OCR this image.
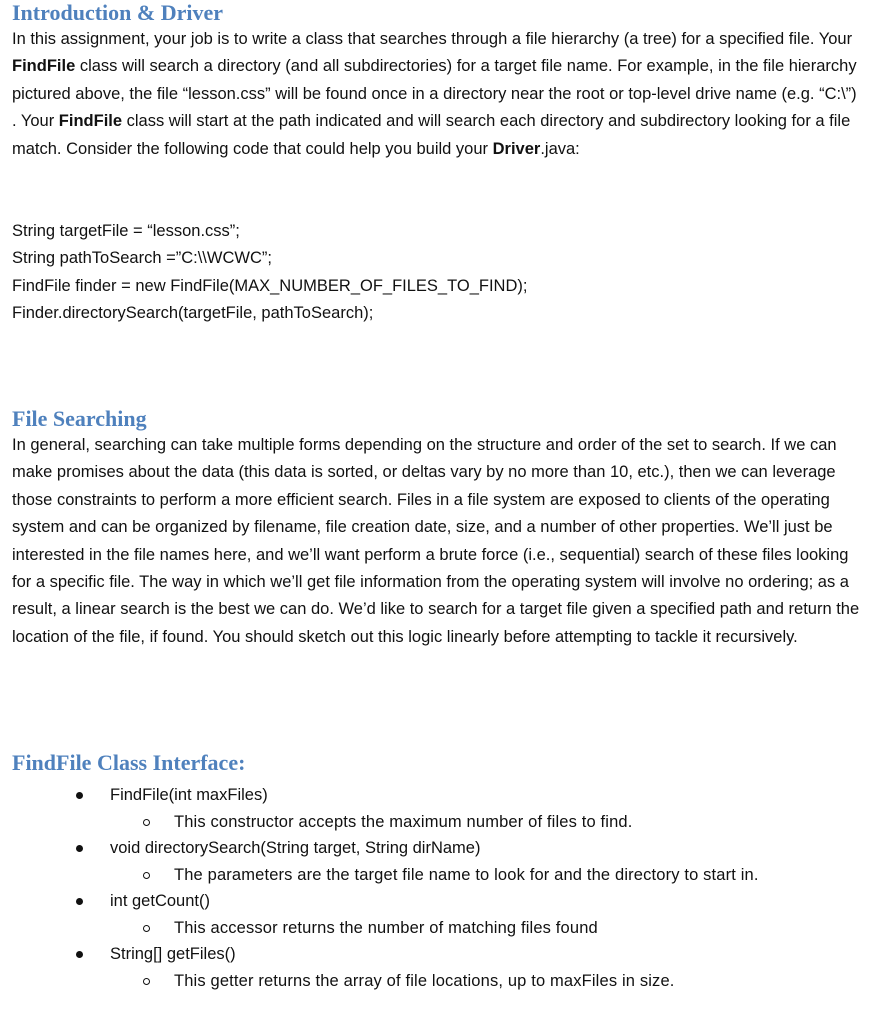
Introduction & Driver

In this assignment, your job is to write a class that searches through a file hierarchy (a tree) for a specified file. Your FindFile class will search a directory (and all subdirectories) for a target file name. For example, in the file hierarchy pictured above, the file “lesson.css” will be found once in a directory near the root or top-level drive name (e.g. “C:\”) . Your FindFile class will start at the path indicated and will search each directory and subdirectory looking for a file match. Consider the following code that could help you build your Driver.java:

String targetFile = “lesson.css”;
String pathToSearch =”C:\\WCWC”;
FindFile finder = new FindFile(MAX_NUMBER_OF_FILES_TO_FIND);
Finder.directorySearch(targetFile, pathToSearch);
File Searching

In general, searching can take multiple forms depending on the structure and order of the set to search. If we can make promises about the data (this data is sorted, or deltas vary by no more than 10, etc.), then we can leverage those constraints to perform a more efficient search. Files in a file system are exposed to clients of the operating system and can be organized by filename, file creation date, size, and a number of other properties. We’ll just be interested in the file names here, and we’ll want perform a brute force (i.e., sequential) search of these files looking for a specific file. The way in which we’ll get file information from the operating system will involve no ordering; as a result, a linear search is the best we can do. We’d like to search for a target file given a specified path and return the location of the file, if found. You should sketch out this logic linearly before attempting to tackle it recursively.

FindFile Class Interface:
FindFile(int maxFiles)
This constructor accepts the maximum number of files to find.
void directorySearch(String target, String dirName)
The parameters are the target file name to look for and the directory to start in.
int getCount()
This accessor returns the number of matching files found
String[] getFiles()
This getter returns the array of file locations, up to maxFiles in size.
